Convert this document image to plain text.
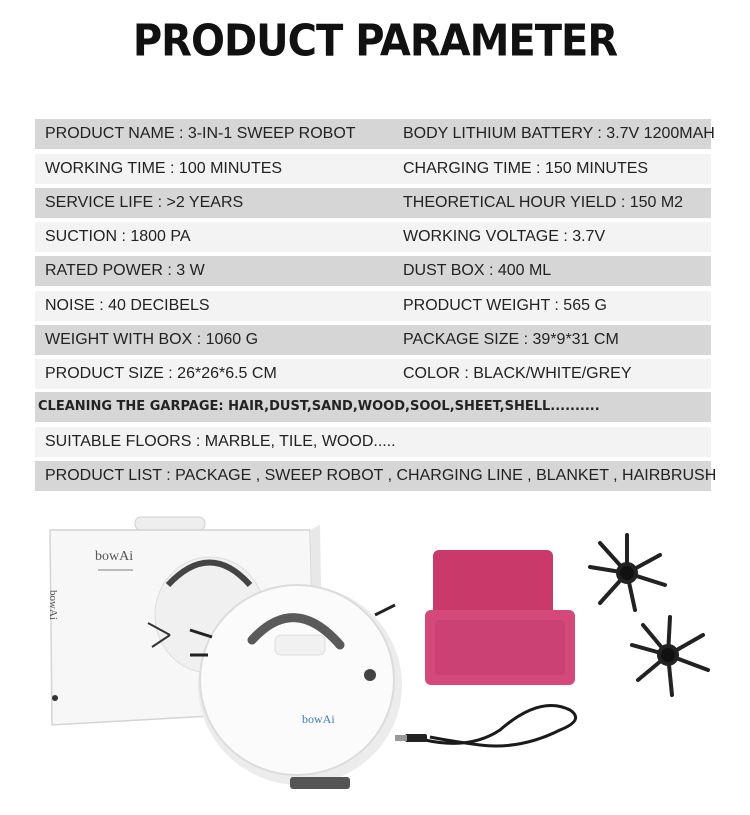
PRODUCT PARAMETER
PRODUCT NAME : 3-IN-1 SWEEP ROBOT	BODY LITHIUM BATTERY : 3.7V 1200MAH
WORKING TIME : 100 MINUTES	CHARGING TIME : 150 MINUTES
SERVICE LIFE : >2 YEARS	THEORETICAL HOUR YIELD : 150 M2
SUCTION : 1800 PA	WORKING VOLTAGE : 3.7V
RATED POWER : 3 W	DUST BOX : 400 ML
NOISE : 40 DECIBELS	PRODUCT WEIGHT : 565 G
WEIGHT WITH BOX : 1060 G	PACKAGE SIZE : 39*9*31 CM
PRODUCT SIZE : 26*26*6.5 CM	COLOR : BLACK/WHITE/GREY
CLEANING THE GARPAGE: HAIR,DUST,SAND,WOOD,SOOL,SHEET,SHELL..........
SUITABLE FLOORS : MARBLE, TILE, WOOD.....
PRODUCT LIST : PACKAGE , SWEEP ROBOT , CHARGING LINE , BLANKET , HAIRBRUSH
bowAi
bowAi
bowAi
